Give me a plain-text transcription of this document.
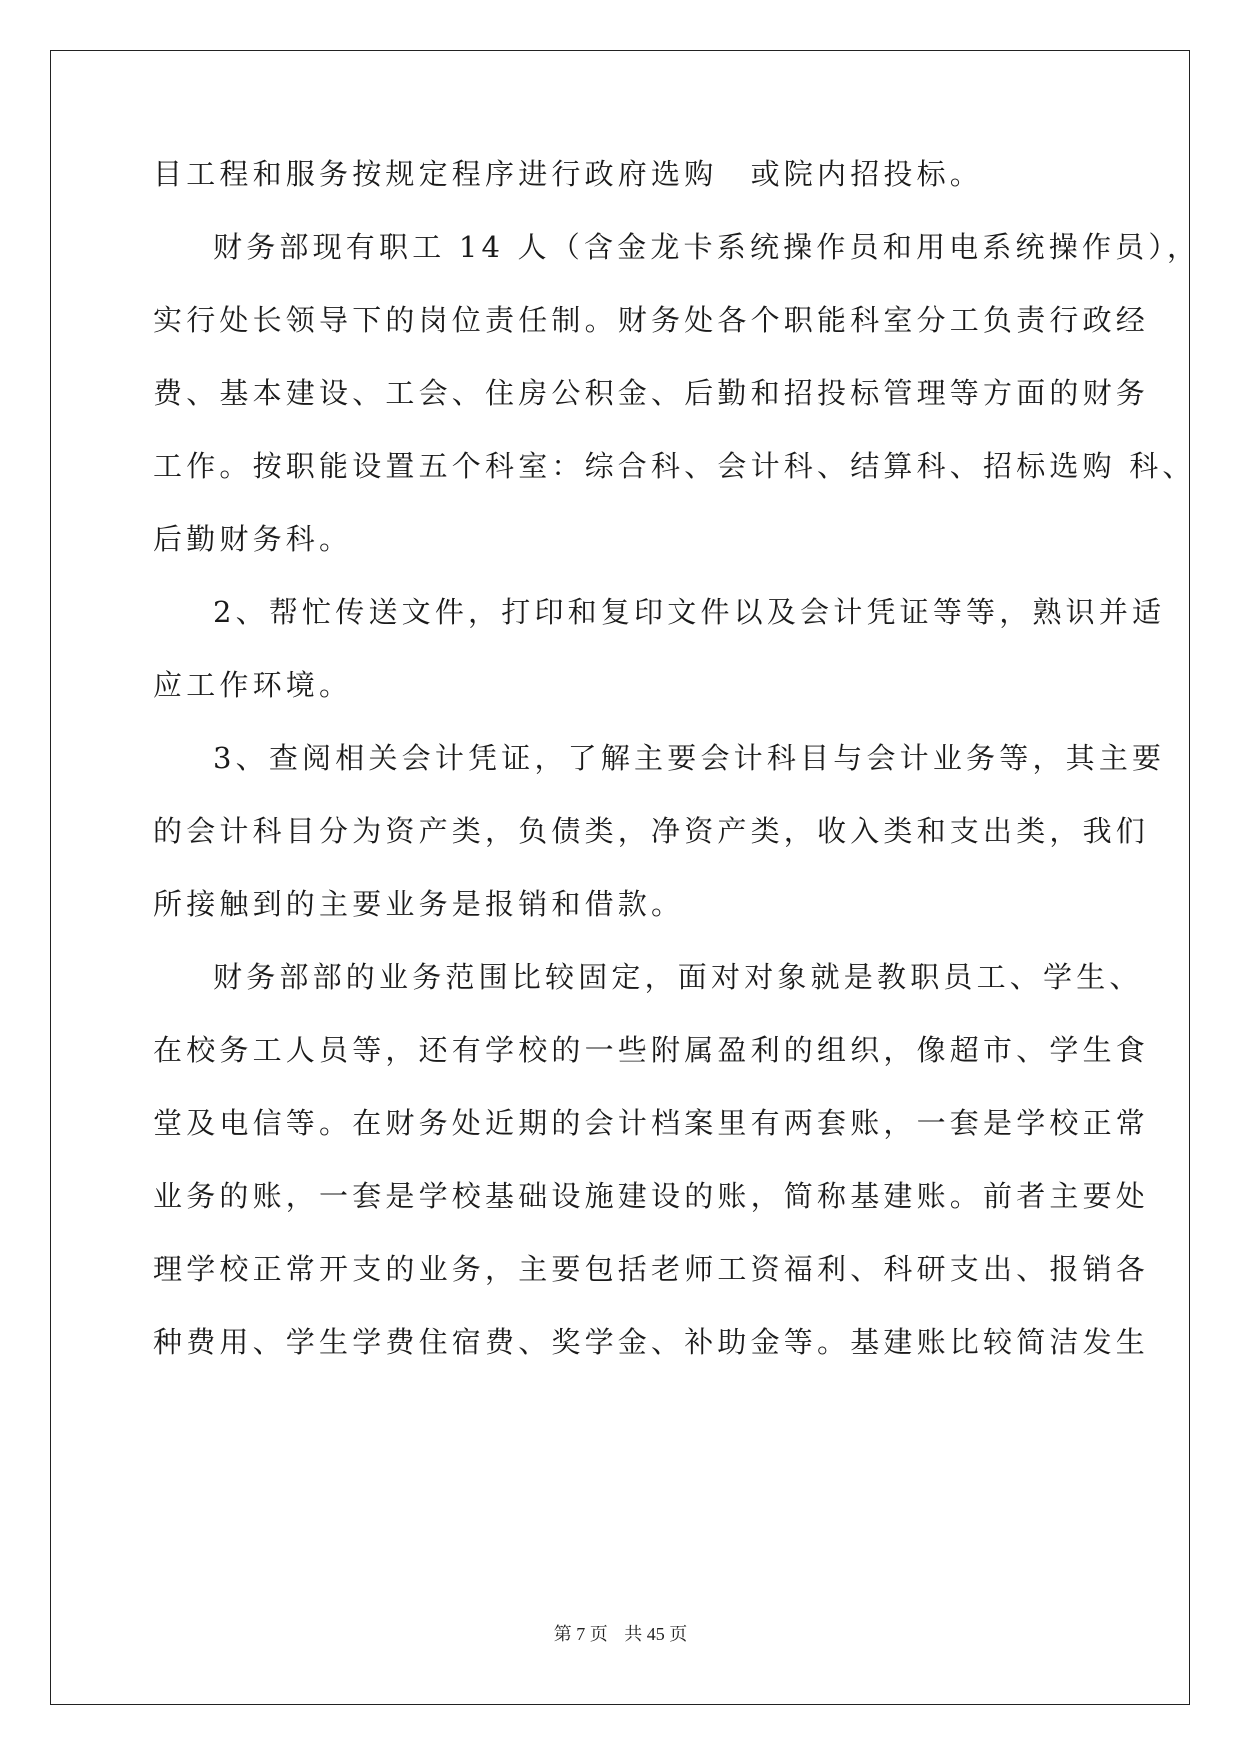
目工程和服务按规定程序进行政府选购　或院内招投标。
财务部现有职工 14 人（含金龙卡系统操作员和用电系统操作员），
实行处长领导下的岗位责任制。财务处各个职能科室分工负责行政经
费、基本建设、工会、住房公积金、后勤和招投标管理等方面的财务
工作。按职能设置五个科室：综合科、会计科、结算科、招标选购 科、
后勤财务科。
2、帮忙传送文件，打印和复印文件以及会计凭证等等，熟识并适
应工作环境。
3、查阅相关会计凭证，了解主要会计科目与会计业务等，其主要
的会计科目分为资产类，负债类，净资产类，收入类和支出类，我们
所接触到的主要业务是报销和借款。
财务部部的业务范围比较固定，面对对象就是教职员工、学生、
在校务工人员等，还有学校的一些附属盈利的组织，像超市、学生食
堂及电信等。在财务处近期的会计档案里有两套账，一套是学校正常
业务的账，一套是学校基础设施建设的账，简称基建账。前者主要处
理学校正常开支的业务，主要包括老师工资福利、科研支出、报销各
种费用、学生学费住宿费、奖学金、补助金等。基建账比较简洁发生
第 7 页 共 45 页
